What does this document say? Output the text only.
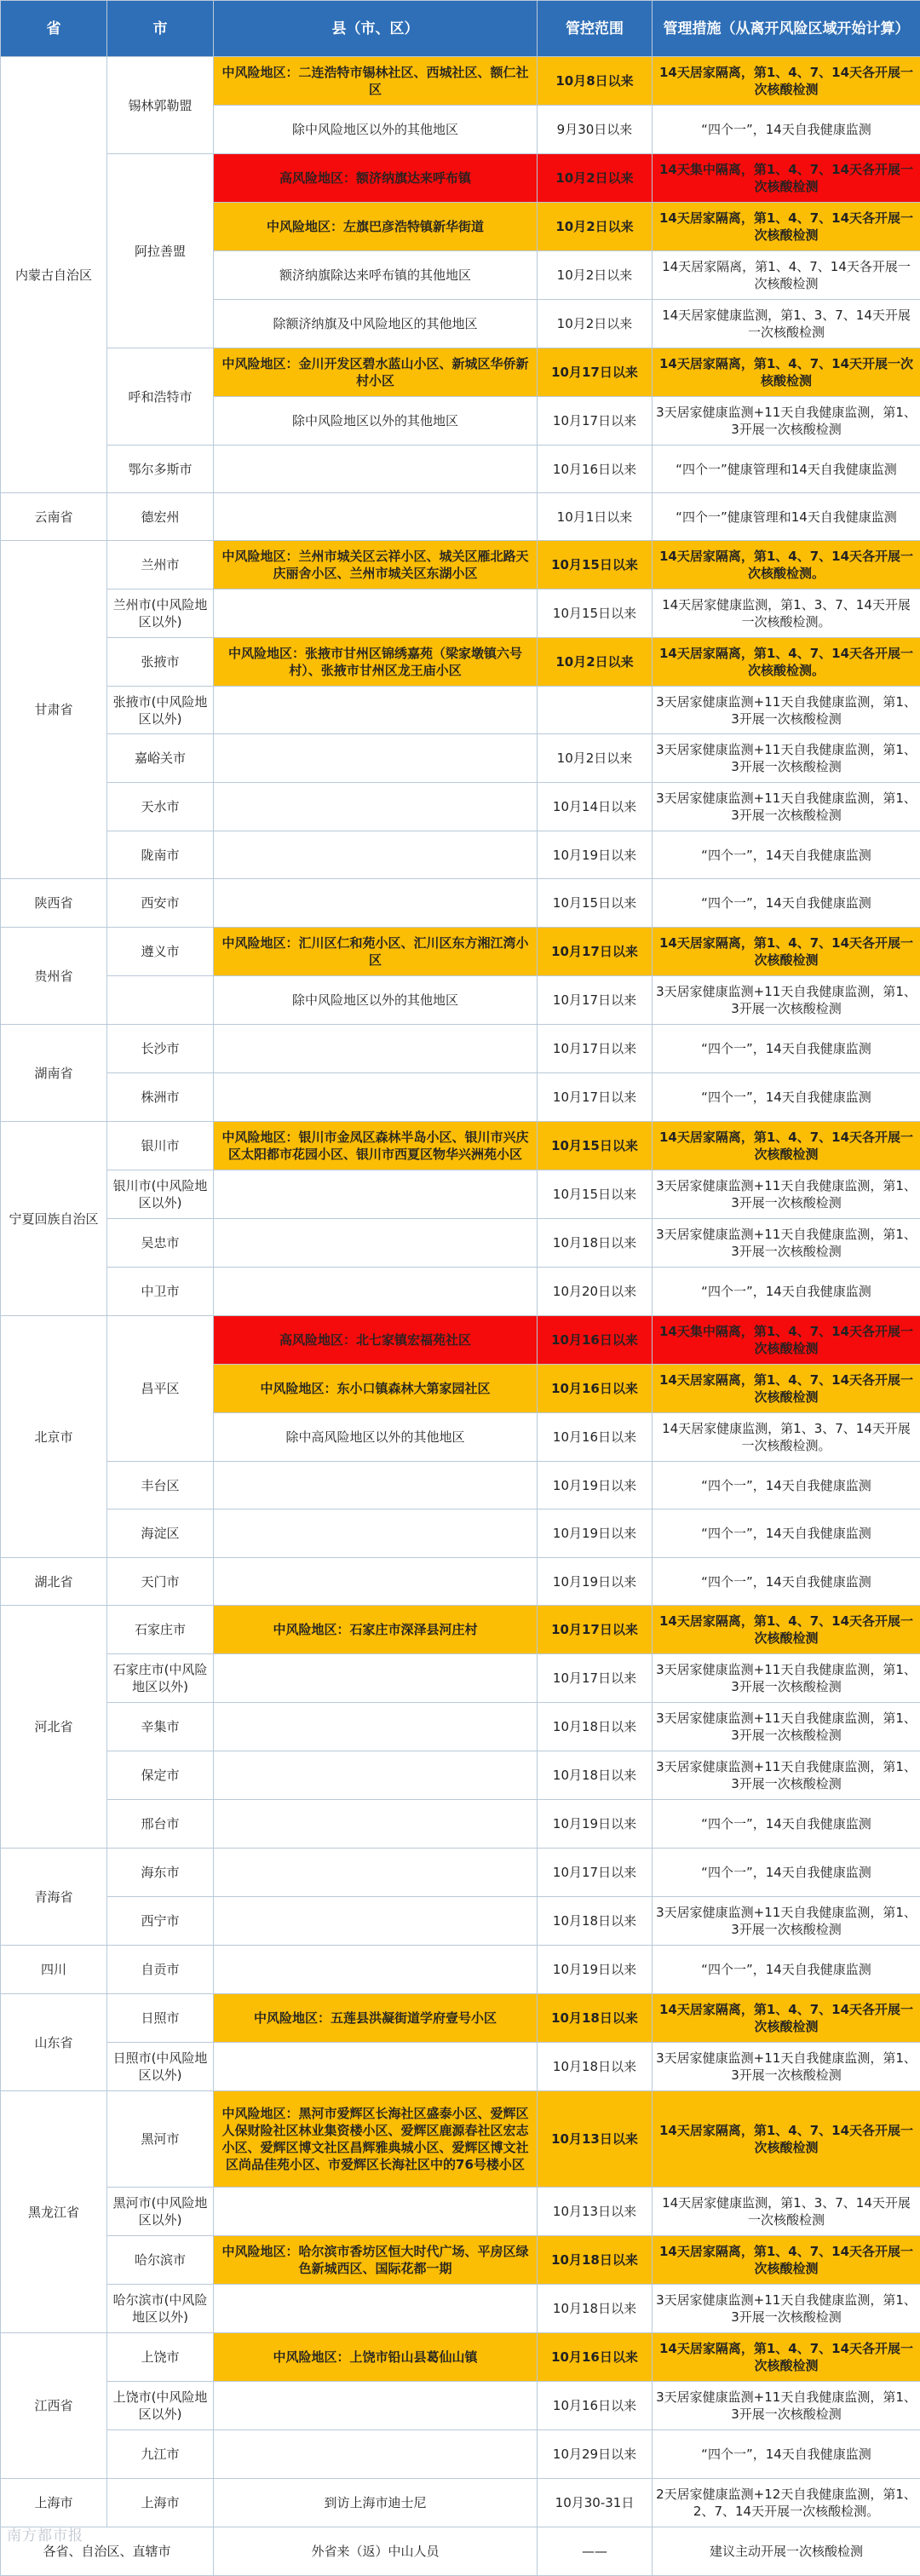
省	市	县（市、区）	管控范围	管理措施（从离开风险区域开始计算）
内蒙古自治区	锡林郭勒盟	中风险地区：二连浩特市锡林社区、西城社区、额仁社区	10月8日以来	14天居家隔离，第1、4、7、14天各开展一次核酸检测
		除中风险地区以外的其他地区	9月30日以来	“四个一”，14天自我健康监测
	阿拉善盟	高风险地区：额济纳旗达来呼布镇	10月2日以来	14天集中隔离，第1、4、7、14天各开展一次核酸检测
		中风险地区：左旗巴彦浩特镇新华街道	10月2日以来	14天居家隔离，第1、4、7、14天各开展一次核酸检测
		额济纳旗除达来呼布镇的其他地区	10月2日以来	14天居家隔离，第1、4、7、14天各开展一次核酸检测
		除额济纳旗及中风险地区的其他地区	10月2日以来	14天居家健康监测，第1、3、7、14天开展一次核酸检测
	呼和浩特市	中风险地区：金川开发区碧水蓝山小区、新城区华侨新村小区	10月17日以来	14天居家隔离，第1、4、7、14天开展一次核酸检测
		除中风险地区以外的其他地区	10月17日以来	3天居家健康监测+11天自我健康监测，第1、3开展一次核酸检测
	鄂尔多斯市		10月16日以来	“四个一”健康管理和14天自我健康监测
云南省	德宏州		10月1日以来	“四个一”健康管理和14天自我健康监测
甘肃省	兰州市	中风险地区：兰州市城关区云祥小区、城关区雁北路天庆丽舍小区、兰州市城关区东湖小区	10月15日以来	14天居家隔离，第1、4、7、14天各开展一次核酸检测。
	兰州市(中风险地区以外)		10月15日以来	14天居家健康监测，第1、3、7、14天开展一次核酸检测。
	张掖市	中风险地区：张掖市甘州区锦绣嘉苑（梁家墩镇六号村）、张掖市甘州区龙王庙小区	10月2日以来	14天居家隔离，第1、4、7、14天各开展一次核酸检测。
	张掖市(中风险地区以外)			3天居家健康监测+11天自我健康监测，第1、3开展一次核酸检测
	嘉峪关市		10月2日以来	3天居家健康监测+11天自我健康监测，第1、3开展一次核酸检测
	天水市		10月14日以来	3天居家健康监测+11天自我健康监测，第1、3开展一次核酸检测
	陇南市		10月19日以来	“四个一”，14天自我健康监测
陕西省	西安市		10月15日以来	“四个一”，14天自我健康监测
贵州省	遵义市	中风险地区：汇川区仁和苑小区、汇川区东方湘江湾小区	10月17日以来	14天居家隔离，第1、4、7、14天各开展一次核酸检测
		除中风险地区以外的其他地区	10月17日以来	3天居家健康监测+11天自我健康监测，第1、3开展一次核酸检测
湖南省	长沙市		10月17日以来	“四个一”，14天自我健康监测
	株洲市		10月17日以来	“四个一”，14天自我健康监测
宁夏回族自治区	银川市	中风险地区：银川市金凤区森林半岛小区、银川市兴庆区太阳都市花园小区、银川市西夏区物华兴洲苑小区	10月15日以来	14天居家隔离，第1、4、7、14天各开展一次核酸检测
	银川市(中风险地区以外)		10月15日以来	3天居家健康监测+11天自我健康监测，第1、3开展一次核酸检测
	吴忠市		10月18日以来	3天居家健康监测+11天自我健康监测，第1、3开展一次核酸检测
	中卫市		10月20日以来	“四个一”，14天自我健康监测
北京市	昌平区	高风险地区：北七家镇宏福苑社区	10月16日以来	14天集中隔离，第1、4、7、14天各开展一次核酸检测
		中风险地区：东小口镇森林大第家园社区	10月16日以来	14天居家隔离，第1、4、7、14天各开展一次核酸检测
		除中高风险地区以外的其他地区	10月16日以来	14天居家健康监测，第1、3、7、14天开展一次核酸检测。
	丰台区		10月19日以来	“四个一”，14天自我健康监测
	海淀区		10月19日以来	“四个一”，14天自我健康监测
湖北省	天门市		10月19日以来	“四个一”，14天自我健康监测
河北省	石家庄市	中风险地区：石家庄市深泽县河庄村	10月17日以来	14天居家隔离，第1、4、7、14天各开展一次核酸检测
	石家庄市(中风险地区以外)		10月17日以来	3天居家健康监测+11天自我健康监测，第1、3开展一次核酸检测
	辛集市		10月18日以来	3天居家健康监测+11天自我健康监测，第1、3开展一次核酸检测
	保定市		10月18日以来	3天居家健康监测+11天自我健康监测，第1、3开展一次核酸检测
	邢台市		10月19日以来	“四个一”，14天自我健康监测
青海省	海东市		10月17日以来	“四个一”，14天自我健康监测
	西宁市		10月18日以来	3天居家健康监测+11天自我健康监测，第1、3开展一次核酸检测
四川	自贡市		10月19日以来	“四个一”，14天自我健康监测
山东省	日照市	中风险地区：五莲县洪凝街道学府壹号小区	10月18日以来	14天居家隔离，第1、4、7、14天各开展一次核酸检测
	日照市(中风险地区以外)		10月18日以来	3天居家健康监测+11天自我健康监测，第1、3开展一次核酸检测
黑龙江省	黑河市	中风险地区：黑河市爱辉区长海社区盛泰小区、爱辉区人保财险社区林业集资楼小区、爱辉区鹿源春社区宏志小区、爱辉区博文社区昌辉雅典城小区、爱辉区博文社区尚品佳苑小区、市爱辉区长海社区中的76号楼小区	10月13日以来	14天居家隔离，第1、4、7、14天各开展一次核酸检测
	黑河市(中风险地区以外)		10月13日以来	14天居家健康监测，第1、3、7、14天开展一次核酸检测
	哈尔滨市	中风险地区：哈尔滨市香坊区恒大时代广场、平房区绿色新城西区、国际花都一期	10月18日以来	14天居家隔离，第1、4、7、14天各开展一次核酸检测
	哈尔滨市(中风险地区以外)		10月18日以来	3天居家健康监测+11天自我健康监测，第1、3开展一次核酸检测
江西省	上饶市	中风险地区：上饶市铅山县葛仙山镇	10月16日以来	14天居家隔离，第1、4、7、14天各开展一次核酸检测
	上饶市(中风险地区以外)		10月16日以来	3天居家健康监测+11天自我健康监测，第1、3开展一次核酸检测
	九江市		10月29日以来	“四个一”，14天自我健康监测
上海市	上海市	到访上海市迪士尼	10月30-31日	2天居家健康监测+12天自我健康监测，第1、2、7、14天开展一次核酸检测。
各省、自治区、直辖市		外省来（返）中山人员	——	建议主动开展一次核酸检测
南方都市报
